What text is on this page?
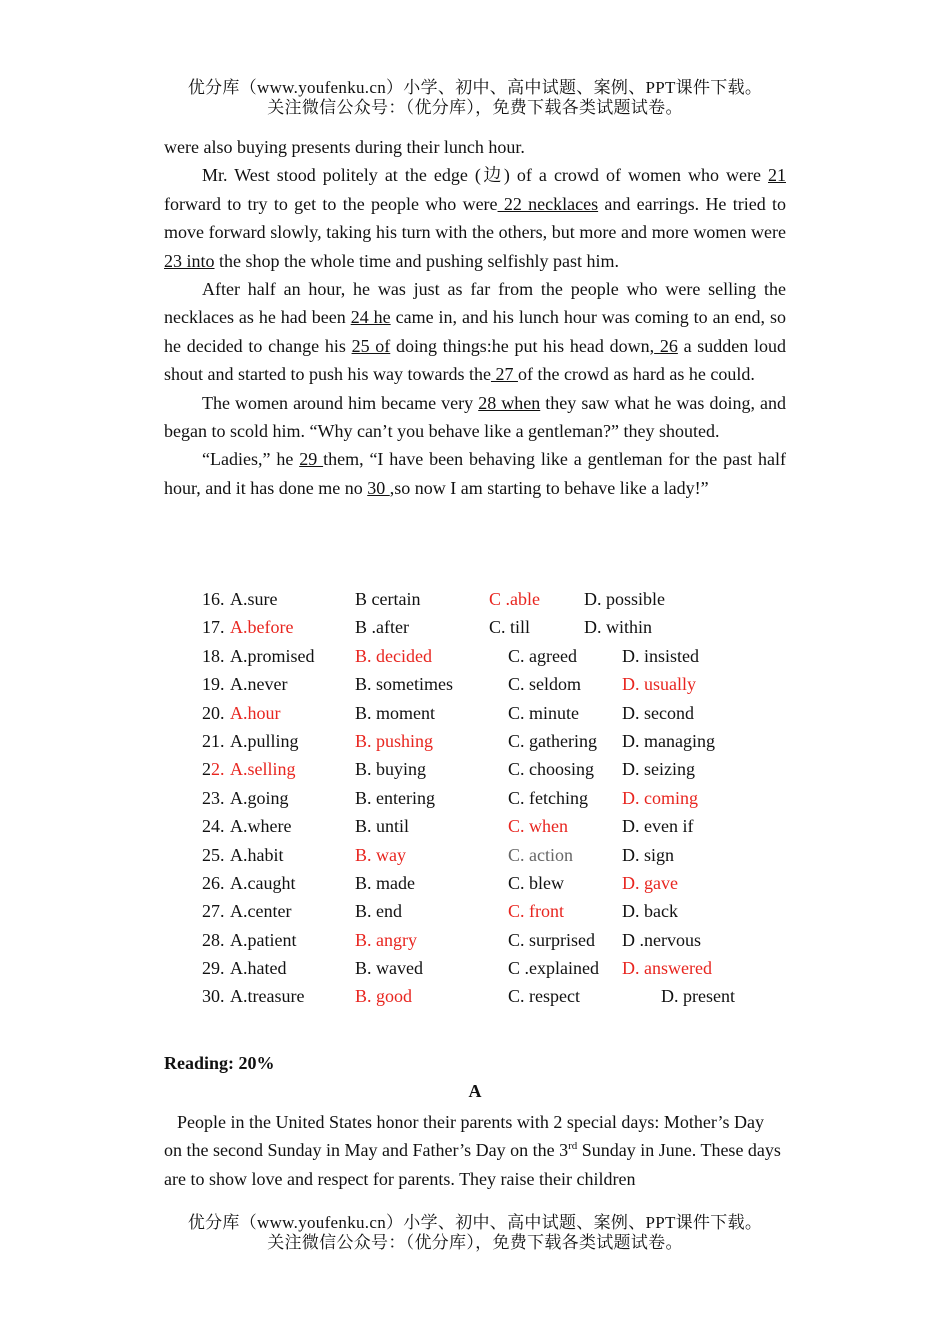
优分库（www.youfenku.cn）小学、初中、高中试题、案例、PPT课件下载。
关注微信公众号：（优分库），免费下载各类试题试卷。

were also buying presents during their lunch hour.

Mr. West stood politely at the edge (边) of a crowd of women who were 21 forward to try to get to the people who were 22 necklaces and earrings. He tried to move forward slowly, taking his turn with the others, but more and more women were 23 into the shop the whole time and pushing selfishly past him.

After half an hour, he was just as far from the people who were selling the necklaces as he had been 24 he came in, and his lunch hour was coming to an end, so he decided to change his 25 of doing things:he put his head down, 26 a sudden loud shout and started to push his way towards the 27 of the crowd as hard as he could.

The women around him became very 28 when they saw what he was doing, and began to scold him. “Why can’t you behave like a gentleman?” they shouted.

“Ladies,” he 29 them, “I have been behaving like a gentleman for the past half hour, and it has done me no 30 ,so now I am starting to behave like a lady!”

16. A.sure	B certain	C .able D. possible
17. A.before	B .after	C. till	D. within
18. A.promised B. decided	C. agreed	D. insisted
19. A.never	B. sometimes	C. seldom D. usually
20. A.hour	B. moment	C. minute D. second
21. A.pulling	B. pushing	C. gathering D. managing
22. A.selling	B. buying	C. choosing D. seizing
23. A.going	B. entering	C. fetching D. coming
24. A.where	B. until	C. when	D. even if
25. A.habit	B. way	C. action	D. sign
26. A.caught	B. made	C. blew	D. gave
27. A.center	B. end	C. front	D. back
28. A.patient	B. angry	C. surprised D .nervous
29. A.hated	B. waved	C .explained D. answered
30. A.treasure	B. good	C. respect	D. present
Reading: 20%
A
People in the United States honor their parents with 2 special days: Mother’s Day on the second Sunday in May and Father’s Day on the 3rd Sunday in June. These days are to show love and respect for parents. They raise their children
优分库（www.youfenku.cn）小学、初中、高中试题、案例、PPT课件下载。
关注微信公众号：（优分库），免费下载各类试题试卷。
